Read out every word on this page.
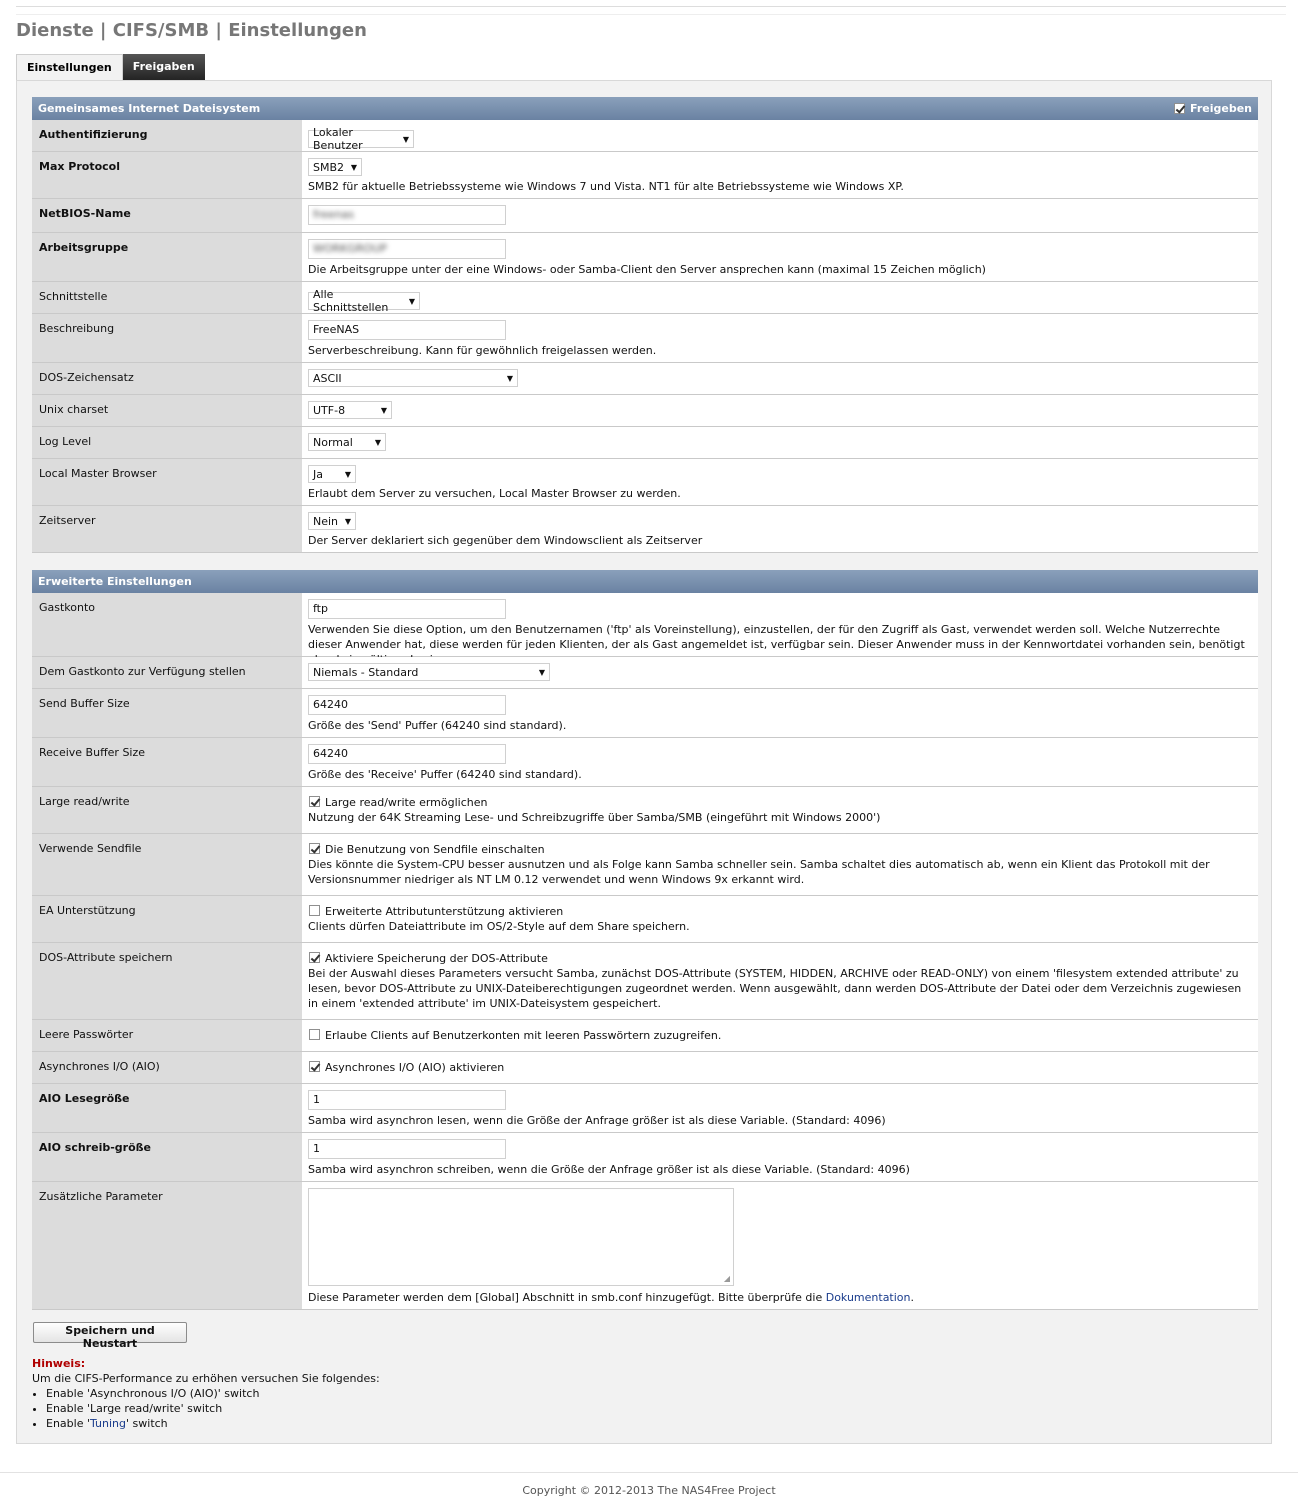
Dienste | CIFS/SMB | Einstellungen
Einstellungen	Freigaben
Gemeinsames Internet Dateisystem	Freigeben
Authentifizierung	Lokaler Benutzer	▼
Max Protocol	SMB2 ▼
SMB2 für aktuelle Betriebssysteme wie Windows 7 und Vista. NT1 für alte Betriebssysteme wie Windows XP.
NetBIOS-Name	freenas
Arbeitsgruppe	WORKGROUP
Die Arbeitsgruppe unter der eine Windows- oder Samba-Client den Server ansprechen kann (maximal 15 Zeichen möglich)
Schnittstelle	Alle Schnittstellen	▼
Beschreibung	FreeNAS
Serverbeschreibung. Kann für gewöhnlich freigelassen werden.
DOS-Zeichensatz	ASCII	▼
Unix charset	UTF-8	▼
Log Level	Normal	▼
Local Master Browser	Ja	▼
Erlaubt dem Server zu versuchen, Local Master Browser zu werden.
Zeitserver	Nein ▼
Der Server deklariert sich gegenüber dem Windowsclient als Zeitserver
Erweiterte Einstellungen
Gastkonto	ftp
Verwenden Sie diese Option, um den Benutzernamen ('ftp' als Voreinstellung), einzustellen, der für den Zugriff als Gast, verwendet werden soll. Welche Nutzerrechte dieser Anwender hat, diese werden für jeden Klienten, der als Gast angemeldet ist, verfügbar sein. Dieser Anwender muss in der Kennwortdatei vorhanden sein, benötigt
Dem Gastkonto zur Verfügung stellen	Niemals - Standard	▼
Send Buffer Size	64240
Größe des 'Send' Puffer (64240 sind standard).
Receive Buffer Size	64240
Größe des 'Receive' Puffer (64240 sind standard).
Large read/write	Large read/write ermöglichen
Nutzung der 64K Streaming Lese- und Schreibzugriffe über Samba/SMB (eingeführt mit Windows 2000')
Verwende Sendfile	Die Benutzung von Sendfile einschalten
Dies könnte die System-CPU besser ausnutzen und als Folge kann Samba schneller sein. Samba schaltet dies automatisch ab, wenn ein Klient das Protokoll mit der Versionsnummer niedriger als NT LM 0.12 verwendet und wenn Windows 9x erkannt wird.
EA Unterstützung	Erweiterte Attributunterstützung aktivieren
Clients dürfen Dateiattribute im OS/2-Style auf dem Share speichern.
DOS-Attribute speichern	Aktiviere Speicherung der DOS-Attribute
Bei der Auswahl dieses Parameters versucht Samba, zunächst DOS-Attribute (SYSTEM, HIDDEN, ARCHIVE oder READ-ONLY) von einem 'filesystem extended attribute' zu lesen, bevor DOS-Attribute zu UNIX-Dateiberechtigungen zugeordnet werden. Wenn ausgewählt, dann werden DOS-Attribute der Datei oder dem Verzeichnis zugewiesen in einem 'extended attribute' im UNIX-Dateisystem gespeichert.
Leere Passwörter	Erlaube Clients auf Benutzerkonten mit leeren Passwörtern zuzugreifen.
Asynchrones I/O (AIO)	Asynchrones I/O (AIO) aktivieren
AIO Lesegröße	1
Samba wird asynchron lesen, wenn die Größe der Anfrage größer ist als diese Variable. (Standard: 4096)
AIO schreib-größe	1
Samba wird asynchron schreiben, wenn die Größe der Anfrage größer ist als diese Variable. (Standard: 4096)
Zusätzliche Parameter
◢
Diese Parameter werden dem [Global] Abschnitt in smb.conf hinzugefügt. Bitte überprüfe die Dokumentation.
Speichern und Neustart
Hinweis:
Um die CIFS-Performance zu erhöhen versuchen Sie folgendes:
• Enable 'Asynchronous I/O (AIO)' switch
• Enable 'Large read/write' switch
• Enable 'Tuning' switch
Copyright © 2012-2013 The NAS4Free Project
